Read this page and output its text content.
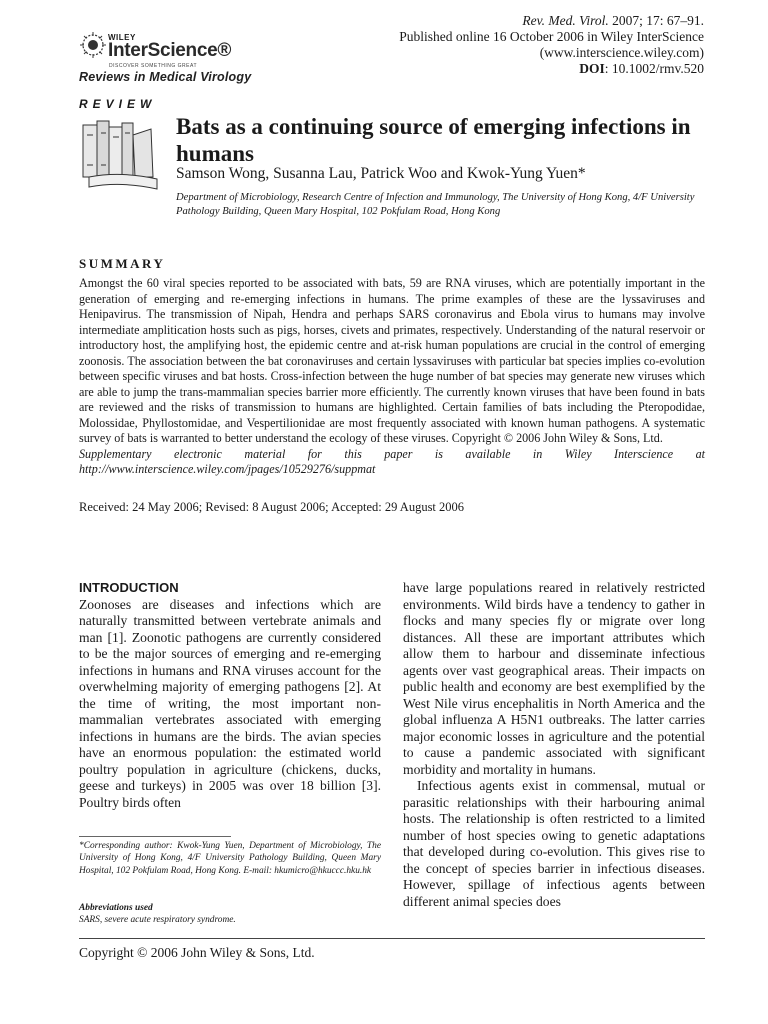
WILEY
InterScience®
DISCOVER SOMETHING GREAT
Reviews in Medical Virology
Rev. Med. Virol. 2007; 17: 67–91.
Published online 16 October 2006 in Wiley InterScience
(www.interscience.wiley.com)
DOI: 10.1002/rmv.520
REVIEW
Bats as a continuing source of emerging infections in humans
Samson Wong, Susanna Lau, Patrick Woo and Kwok-Yung Yuen*
Department of Microbiology, Research Centre of Infection and Immunology, The University of Hong Kong, 4/F University Pathology Building, Queen Mary Hospital, 102 Pokfulam Road, Hong Kong
SUMMARY

Amongst the 60 viral species reported to be associated with bats, 59 are RNA viruses, which are potentially important in the generation of emerging and re-emerging infections in humans. The prime examples of these are the lyssaviruses and Henipavirus. The transmission of Nipah, Hendra and perhaps SARS coronavirus and Ebola virus to humans may involve intermediate amplitication hosts such as pigs, horses, civets and primates, respectively. Understanding of the natural reservoir or introductory host, the amplifying host, the epidemic centre and at-risk human populations are crucial in the control of emerging zoonosis. The association between the bat coronaviruses and certain lyssaviruses with particular bat species implies co-evolution between specific viruses and bat hosts. Cross-infection between the huge number of bat species may generate new viruses which are able to jump the trans-mammalian species barrier more efficiently. The currently known viruses that have been found in bats are reviewed and the risks of transmission to humans are highlighted. Certain families of bats including the Pteropodidae, Molossidae, Phyllostomidae, and Vespertilionidae are most frequently associated with known human pathogens. A systematic survey of bats is warranted to better understand the ecology of these viruses. Copyright © 2006 John Wiley & Sons, Ltd.

Supplementary electronic material for this paper is available in Wiley Interscience at http://www.interscience.wiley.com/jpages/10529276/suppmat

Received: 24 May 2006; Revised: 8 August 2006; Accepted: 29 August 2006
INTRODUCTION

Zoonoses are diseases and infections which are naturally transmitted between vertebrate animals and man [1]. Zoonotic pathogens are currently considered to be the major sources of emerging and re-emerging infections in humans and RNA viruses account for the overwhelming majority of emerging pathogens [2]. At the time of writing, the most important non-mammalian vertebrates associated with emerging infections in humans are the birds. The avian species have an enormous population: the estimated world poultry population in agriculture (chickens, ducks, geese and turkeys) in 2005 was over 18 billion [3]. Poultry birds often

have large populations reared in relatively restricted environments. Wild birds have a tendency to gather in flocks and many species fly or migrate over long distances. All these are important attributes which allow them to harbour and disseminate infectious agents over vast geographical areas. Their impacts on public health and economy are best exemplified by the West Nile virus encephalitis in North America and the global influenza A H5N1 outbreaks. The latter carries major economic losses in agriculture and the potential to cause a pandemic associated with significant morbidity and mortality in humans.

Infectious agents exist in commensal, mutual or parasitic relationships with their harbouring animal hosts. The relationship is often restricted to a limited number of host species owing to genetic adaptations that developed during co-evolution. This gives rise to the concept of species barrier in infectious diseases. However, spillage of infectious agents between different animal species does

*Corresponding author: Kwok-Yung Yuen, Department of Microbiology, The University of Hong Kong, 4/F University Pathology Building, Queen Mary Hospital, 102 Pokfulam Road, Hong Kong. E-mail: hkumicro@hkuccc.hku.hk
Abbreviations used
SARS, severe acute respiratory syndrome.
Copyright © 2006 John Wiley & Sons, Ltd.
